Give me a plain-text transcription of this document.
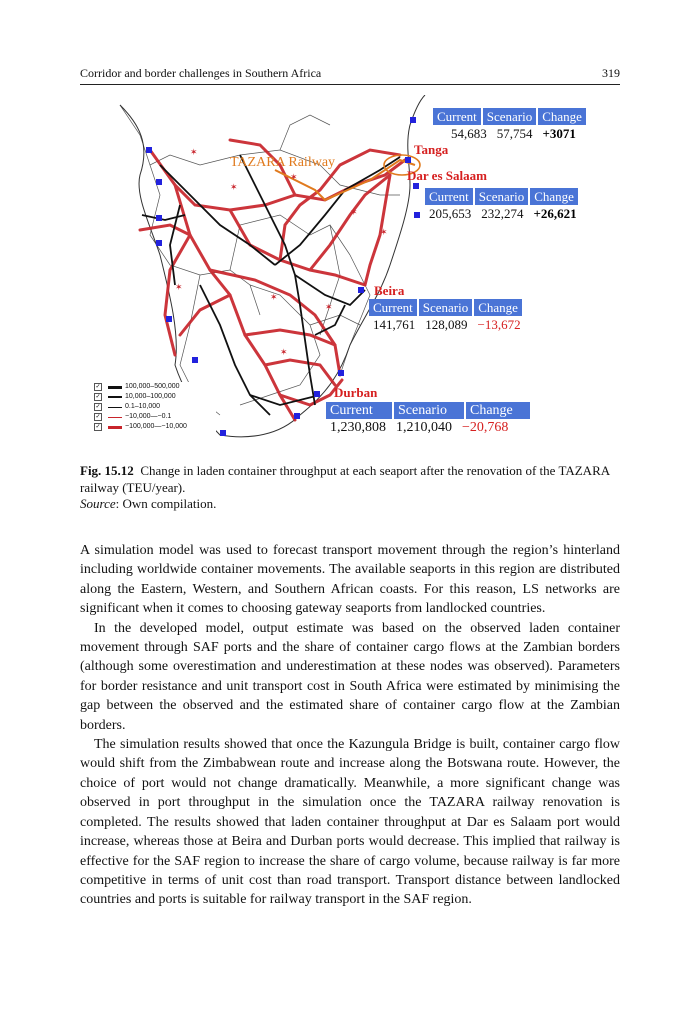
Corridor and border challenges in Southern Africa	319
✶
✶
✶
✶
✶
✶
✶
✶
✶
TAZARA Railway
Current Scenario Change
54,683 57,754 +3071
Tanga
Dar es Salaam
Current Scenario Change
205,653 232,274 +26,621
Beira
Current Scenario Change
141,761 128,089 −13,672
Durban
Current Scenario Change
1,230,808 1,210,040 −20,768
✓	100,000–500,000
✓	10,000–100,000
✓	0.1–10,000
✓	−10,000—−0.1
✓	−100,000—−10,000
Fig. 15.12 Change in laden container throughput at each seaport after the renovation of the TAZARA railway (TEU/year).
Source: Own compilation.

A simulation model was used to forecast transport movement through the region’s hinterland including worldwide container movements. The available seaports in this region are distributed along the Eastern, Western, and Southern African coasts. For this reason, LS networks are significant when it comes to choosing gateway seaports from landlocked countries.

In the developed model, output estimate was based on the observed laden container movement through SAF ports and the share of container cargo flows at the Zambian borders (although some overestimation and underestimation at these nodes was observed). Parameters for border resistance and unit transport cost in South Africa were estimated by minimising the gap between the observed and the estimated share of container cargo flow at the Zambian borders.

The simulation results showed that once the Kazungula Bridge is built, container cargo flow would shift from the Zimbabwean route and increase along the Botswana route. However, the choice of port would not change dramatically. Meanwhile, a more significant change was observed in port throughput in the simulation once the TAZARA railway renovation is completed. The results showed that laden container throughput at Dar es Salaam port would increase, whereas those at Beira and Durban ports would decrease. This implied that railway is effective for the SAF region to increase the share of cargo volume, because railway is far more competitive in terms of unit cost than road transport. Transport distance between landlocked countries and ports is suitable for railway transport in the SAF region.
